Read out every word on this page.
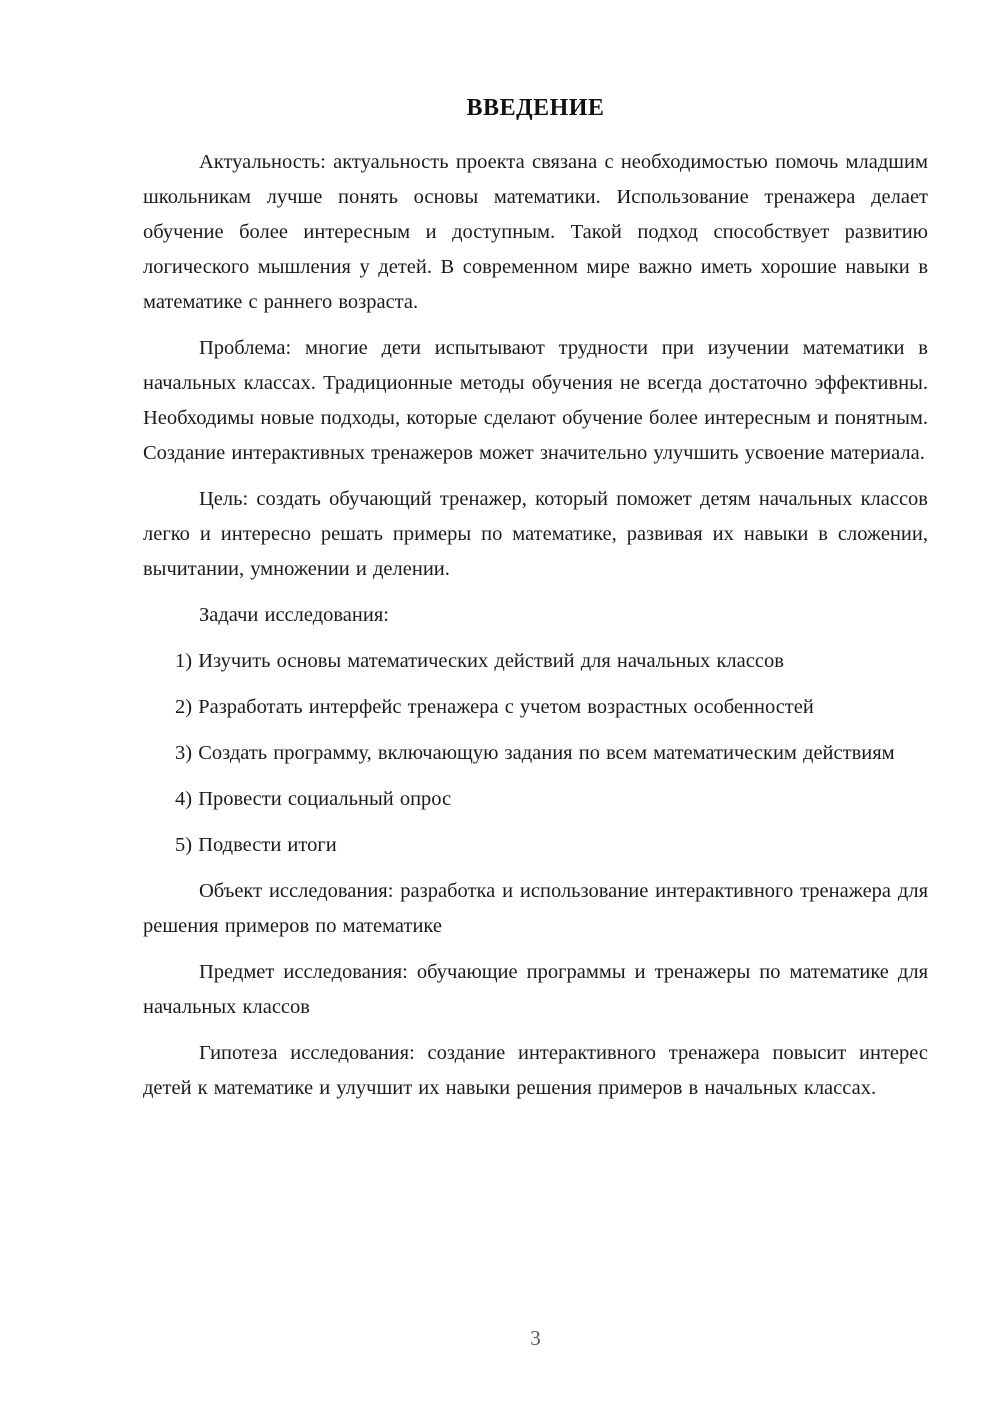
ВВЕДЕНИЕ

Актуальность: актуальность проекта связана с необходимостью помочь младшим школьникам лучше понять основы математики. Использование тренажера делает обучение более интересным и доступным. Такой подход способствует развитию логического мышления у детей. В современном мире важно иметь хорошие навыки в математике с раннего возраста.

Проблема: многие дети испытывают трудности при изучении математики в начальных классах. Традиционные методы обучения не всегда достаточно эффективны. Необходимы новые подходы, которые сделают обучение более интересным и понятным. Создание интерактивных тренажеров может значительно улучшить усвоение материала.

Цель: создать обучающий тренажер, который поможет детям начальных классов легко и интересно решать примеры по математике, развивая их навыки в сложении, вычитании, умножении и делении.

Задачи исследования:

1) Изучить основы математических действий для начальных классов

2) Разработать интерфейс тренажера с учетом возрастных особенностей

3) Создать программу, включающую задания по всем математическим действиям

4) Провести социальный опрос

5) Подвести итоги

Объект исследования: разработка и использование интерактивного тренажера для решения примеров по математике

Предмет исследования: обучающие программы и тренажеры по математике для начальных классов

Гипотеза исследования: создание интерактивного тренажера повысит интерес детей к математике и улучшит их навыки решения примеров в начальных классах.

3
